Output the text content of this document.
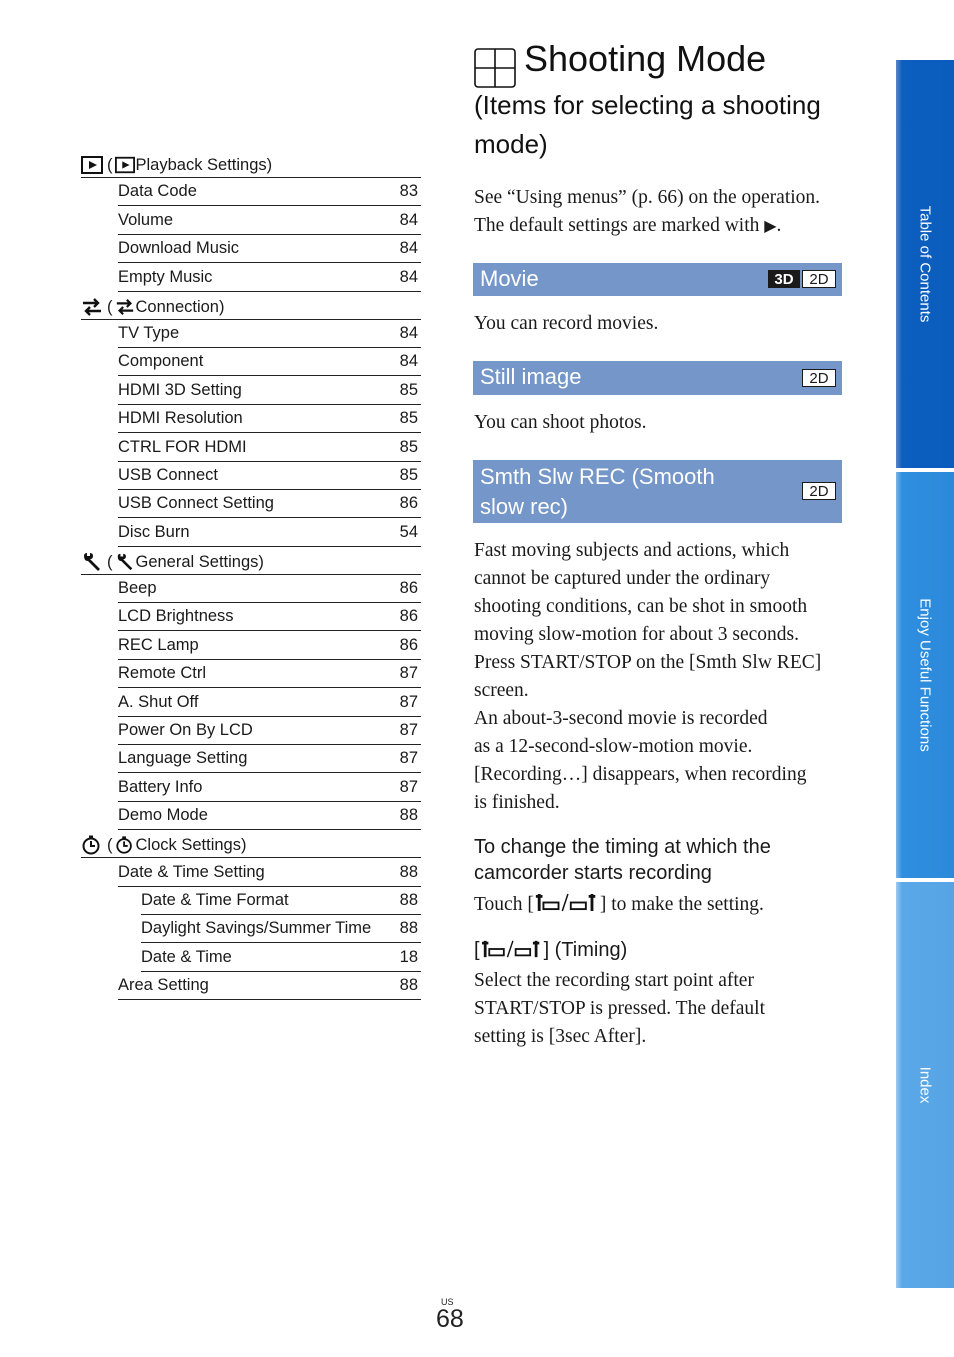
( Playback Settings)
Data Code	83
Volume	84
Download Music	84
Empty Music	84
( Connection)
TV Type	84
Component	84
HDMI 3D Setting	85
HDMI Resolution	85
CTRL FOR HDMI	85
USB Connect	85
USB Connect Setting	86
Disc Burn	54
( General Settings)
Beep	86
LCD Brightness	86
REC Lamp	86
Remote Ctrl	87
A. Shut Off	87
Power On By LCD	87
Language Setting	87
Battery Info	87
Demo Mode	88
( Clock Settings)
Date & Time Setting	88
Date & Time Format	88
Daylight Savings/Summer Time 88
Date & Time	18
Area Setting	88
Shooting Mode
(Items for selecting a shooting mode)
See “Using menus” (p. 66) on the operation.
The default settings are marked with ▶.
Movie	3D	2D
You can record movies.
Still image	2D
You can shoot photos.
Smth Slw REC (Smooth
slow rec)
2D
Fast moving subjects and actions, which
cannot be captured under the ordinary
shooting conditions, can be shot in smooth
moving slow-motion for about 3 seconds.
Press START/STOP on the [Smth Slw REC]
screen.
An about-3-second movie is recorded
as a 12-second-slow-motion movie.
[Recording…] disappears, when recording
is finished.
To change the timing at which the
camcorder starts recording
Touch [	] to make the setting.
[	] (Timing)
Select the recording start point after
START/STOP is pressed. The default
setting is [3sec After].
Table of Contents
Enjoy Useful Functions
Index
US
68
